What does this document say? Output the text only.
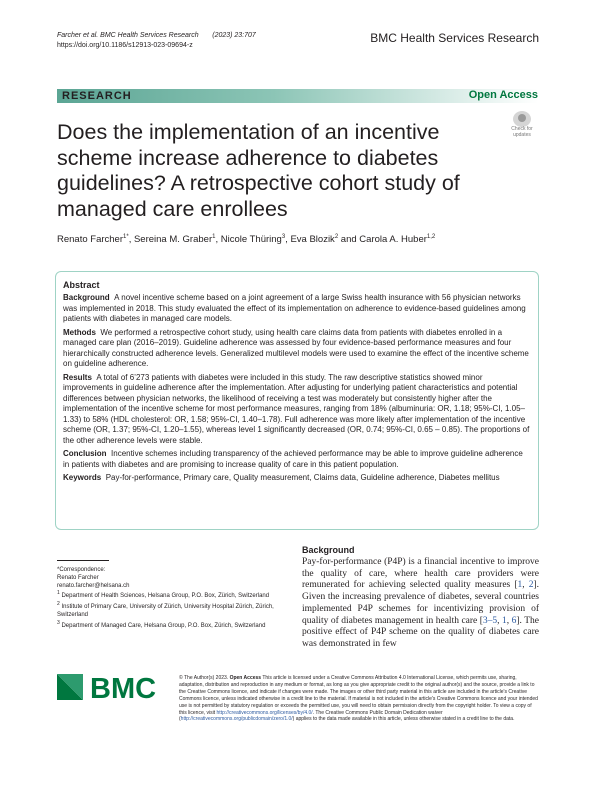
Farcher et al. BMC Health Services Research (2023) 23:707
https://doi.org/10.1186/s12913-023-09694-z
BMC Health Services Research
RESEARCH	Open Access
Does the implementation of an incentive scheme increase adherence to diabetes guidelines? A retrospective cohort study of managed care enrollees
Check for
updates
Renato Farcher$^{1*}$, Sereina M. Graber$^1$, Nicole Thüring$^3$, Eva Blozik$^2$ and Carola A. Huber$^{1,2}$
Abstract

Background A novel incentive scheme based on a joint agreement of a large Swiss health insurance with 56 physician networks was implemented in 2018. This study evaluated the effect of its implementation on adherence to evidence-based guidelines among patients with diabetes in managed care models.

Methods We performed a retrospective cohort study, using health care claims data from patients with diabetes enrolled in a managed care plan (2016–2019). Guideline adherence was assessed by four evidence-based performance measures and four hierarchically constructed adherence levels. Generalized multilevel models were used to examine the effect of the incentive scheme on guideline adherence.

Results A total of 6’273 patients with diabetes were included in this study. The raw descriptive statistics showed minor improvements in guideline adherence after the implementation. After adjusting for underlying patient characteristics and potential differences between physician networks, the likelihood of receiving a test was moderately but consistently higher after the implementation of the incentive scheme for most performance measures, ranging from 18% (albuminuria: OR, 1.18; 95%-CI, 1.05–1.33) to 58% (HDL cholesterol: OR, 1.58; 95%-CI, 1.40–1.78). Full adherence was more likely after implementation of the incentive scheme (OR, 1.37; 95%-CI, 1.20–1.55), whereas level 1 significantly decreased (OR, 0.74; 95%-CI, 0.65 – 0.85). The proportions of the other adherence levels were stable.

Conclusion Incentive schemes including transparency of the achieved performance may be able to improve guideline adherence in patients with diabetes and are promising to increase quality of care in this patient population.

Keywords Pay-for-performance, Primary care, Quality measurement, Claims data, Guideline adherence, Diabetes mellitus

*Correspondence:
Renato Farcher
renato.farcher@helsana.ch
$^1$ Department of Health Sciences, Helsana Group, P.O. Box, Zürich, Switzerland
$^2$ Institute of Primary Care, University of Zürich, University Hospital Zürich, Zürich, Switzerland
$^3$ Department of Managed Care, Helsana Group, P.O. Box, Zürich, Switzerland
Background

Pay-for-performance (P4P) is a financial incentive to improve the quality of care, where health care providers were remunerated for achieving selected quality measures [1, 2]. Given the increasing prevalence of diabetes, several countries implemented P4P schemes for incentivizing provision of quality of diabetes management in health care [3–5, 1, 6]. The positive effect of P4P scheme on the quality of diabetes care was demonstrated in few

BMC	© The Author(s) 2023. Open Access This article is licensed under a Creative Commons Attribution 4.0 International License, which permits use, sharing, adaptation, distribution and reproduction in any medium or format, as long as you give appropriate credit to the original author(s) and the source, provide a link to the Creative Commons licence, and indicate if changes were made. The images or other third party material in this article are included in the article's Creative Commons licence, unless indicated otherwise in a credit line to the material. If material is not included in the article's Creative Commons licence and your intended use is not permitted by statutory regulation or exceeds the permitted use, you will need to obtain permission directly from the copyright holder. To view a copy of this licence, visit http://creativecommons.org/licenses/by/4.0/. The Creative Commons Public Domain Dedication waiver (http://creativecommons.org/publicdomain/zero/1.0/) applies to the data made available in this article, unless otherwise stated in a credit line to the data.
